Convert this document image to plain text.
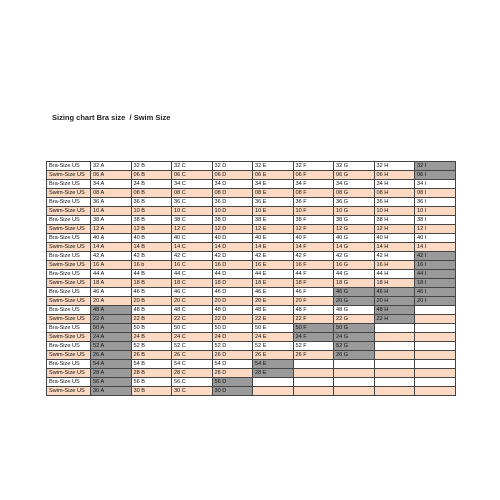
Sizing chart Bra size  / Swim Size
Bra-Size US	32 A	32 B	32 C	32 D	32 E	32 F	32 G	32 H	32 I
Swim-Size US	06 A	06 B	06 C	06 D	06 E	06 F	06 G	06 H	06 I
Bra-Size US	34 A	34 B	34 C	34 D	34 E	34 F	34 G	34 H	34 I
Swim-Size US	08 A	08 B	08 C	08 D	08 E	08 F	08 G	08 H	08 I
Bra-Size US	36 A	36 B	36 C	36 D	36 E	36 F	36 G	36 H	36 I
Swim-Size US	10 A	10 B	10 C	10 D	10 E	10 F	10 G	10 H	10 I
Bra-Size US	38 A	38 B	38 C	38 D	38 E	38 F	38 G	38 H	38 I
Swim-Size US	12 A	12 B	12 C	12 D	12 E	12 F	12 G	12 H	12 I
Bra-Size US	40 A	40 B	40 C	40 D	40 E	40 F	40 G	40 H	40 I
Swim-Size US	14 A	14 B	14 C	14 D	14 E	14 F	14 G	14 H	14 I
Bra-Size US	42 A	42 B	42 C	42 D	42 E	42 F	42 G	42 H	42 I
Swim-Size US	16 A	16 b	16 C	16 D	16 E	16 F	16 G	16 H	16 I
Bra-Size US	44 A	44 B	44 C	44 D	44 E	44 F	44 G	44 H	44 I
Swim-Size US	18 A	18 B	18 C	18 D	18 E	18 F	18 G	18 H	18 I
Bra-Size US	46 A	46 B	46 C	46 D	46 E	46 F	46 G	46 H	46 I
Swim-Size US	20 A	20 B	20 C	20 D	20 E	20 F	20 G	20 H	20 I
Bra-Size US	48 A	48 B	48 C	48 D	48 E	48 F	48 G	48 H	
Swim-Size US	22 A	22 B	22 C	22 D	22 E	22 F	22 G	22 H	
Bra-Size US	50 A	50 B	50 C	50 D	50 E	50 F	50 G		
Swim-Size US	24 A	24 B	24 C	24 D	24 E	24 F	24 G		
Bra-Size US	52 A	52 B	52 C	52 D	52 E	52 F	52 G		
Swim-Size US	26 A	26 B	26 C	26 D	26 E	26 F	26 G		
Bra-Size US	54 A	54 B	54 C	54 D	54 E				
Swim-Size US	28 A	28 B	28 C	28 D	28 E				
Bra-Size US	56 A	56 B	56 C	56 D					
Swim-Size US	30 A	30 B	30 C	30 D					
